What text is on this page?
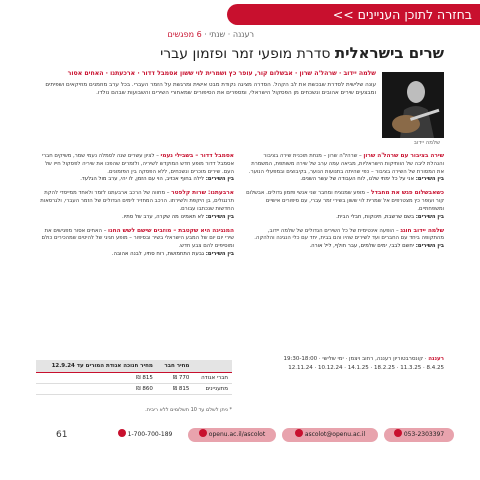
בחזרה לתוכן העניינים >>
רעננה · שנתי · 6 מפגשים
שרים בישראלית סדרת מופעי זמר ופזמון עברי
שלמה יידוב
שלמה יידוב · שרהל'ה שרון · אבשלום קור, עופר כץ ושמרית לוי ששון אסמבל דדור · ארכעתנו · האחים אסור

עונה שלישית לסדרת שבכשת את לב הקהל. הסדרה מציגה נקודת מבט אישית ומרגשת על הזמר העברי. בכל ערב מוזמנים מוזיקאים ושפיתים ומבצעים שירים אהובים ונשכחים מן הפסקול הישראלי, ומספרים את הסיפורים שמאחורי השירים והשבועות שבהם נולדו.

שירה בציבור עם שרהל'ה שרון – שרהל'ה שרון – מנחת תוכנית שירה בציבור והנהלת ליבה של הוותיקות הישראליות, מביאה עמה ערב של שירה משותפת, המשמרת את המסורת של השירה בציבור – כפי שהיתה בתנועות הנוער, בקיבוצים ובמפעלי הנוער.
בין השירים: אני על כל ימתי שלנו, לוח העבודה של עשר השנים.
כשאבשלום פגש את מחבדל – מופע שמנציח ומחבר שני אנשי פזמון גדולים. אבשלום קור ועופר כץ מצטרפים אל שמרית לוי ששון בשירי זמר עברי, עם סיפורים אישיים ומשפחתיים.
בין השירים: בשם שרשבת, תינוקות, חבלי הבית.
שלמה יידוב חוגג – הופעה אינטימית של כל השירים הגדולים של שלמה יידוב, מהתקופה ביחד עם החברים ועד לשירים שהיו והם בבית, יחד עם כלי הנגינה והלהקה.
בין השירים: יחשם לבבי, ימים שלמים, עבר חולף, ליל אורה.
אסמבל דדור – בשבילי נעמי – לציון עשרים שנה לסמלה נעמי שמר, משיקים חברי אסמבל דדור מופע חדש המוקדש לשיריה, ולזמרים שהפכו את שיריה לפסקול חייו של העם. שירים מוכרים ונשכחים, ללא הפסקה בין הפזמונים.
בין השירים: לילה בחוף אכזיב, הוי עם הזמן, לו יהי, ערב מול הגלעד.
ארבעתנו: שרות קלפטר – מחווה של הרכב ארבעתנו לזמר ולאחד ממייסדי להקת תרנגולים, בן היקפת ולשירתו. הרכב המחזיר לימים הגדולים של הזמר העברי, ולגרסאות החדשות שנכתבו עבורם.
בין השירים: לא תאמינו מה שקרה, ערב של סתיו.
המנגינה היא שקטבת – מוזבים שישם לשש החנו – האחים אסור מפגישים את שירי יום יום של המבע הישראלי בשיר ובסיפור – מופע חגיגי של להיטים שמהכירים כולם ומוסיפים להם צבע חדש.
בין השירים: גבעת התחמושת, רוח סתיו, לבנה אהובה.
רעננה · קונסרבטוריון רעננה, רחוב ויצמן · ימי שלישי · 19:30-18:00
8.4.25 · 11.3.25 · 18.2.25 · 14.1.25 · 10.12.24 · 12.11.24
	מחיר חבר	מחיר חנוכה אגודת המורים עד 12.9.24
חברי אגודה	770 ₪	815 ₪
מתעניינים	815 ₪	860 ₪
* ניתן לשלם עד 10 תשלומים ללא ריבית.
053-2303397
ascolot@openu.ac.il
openu.ac.il/ascolot
1-700-700-189
61
